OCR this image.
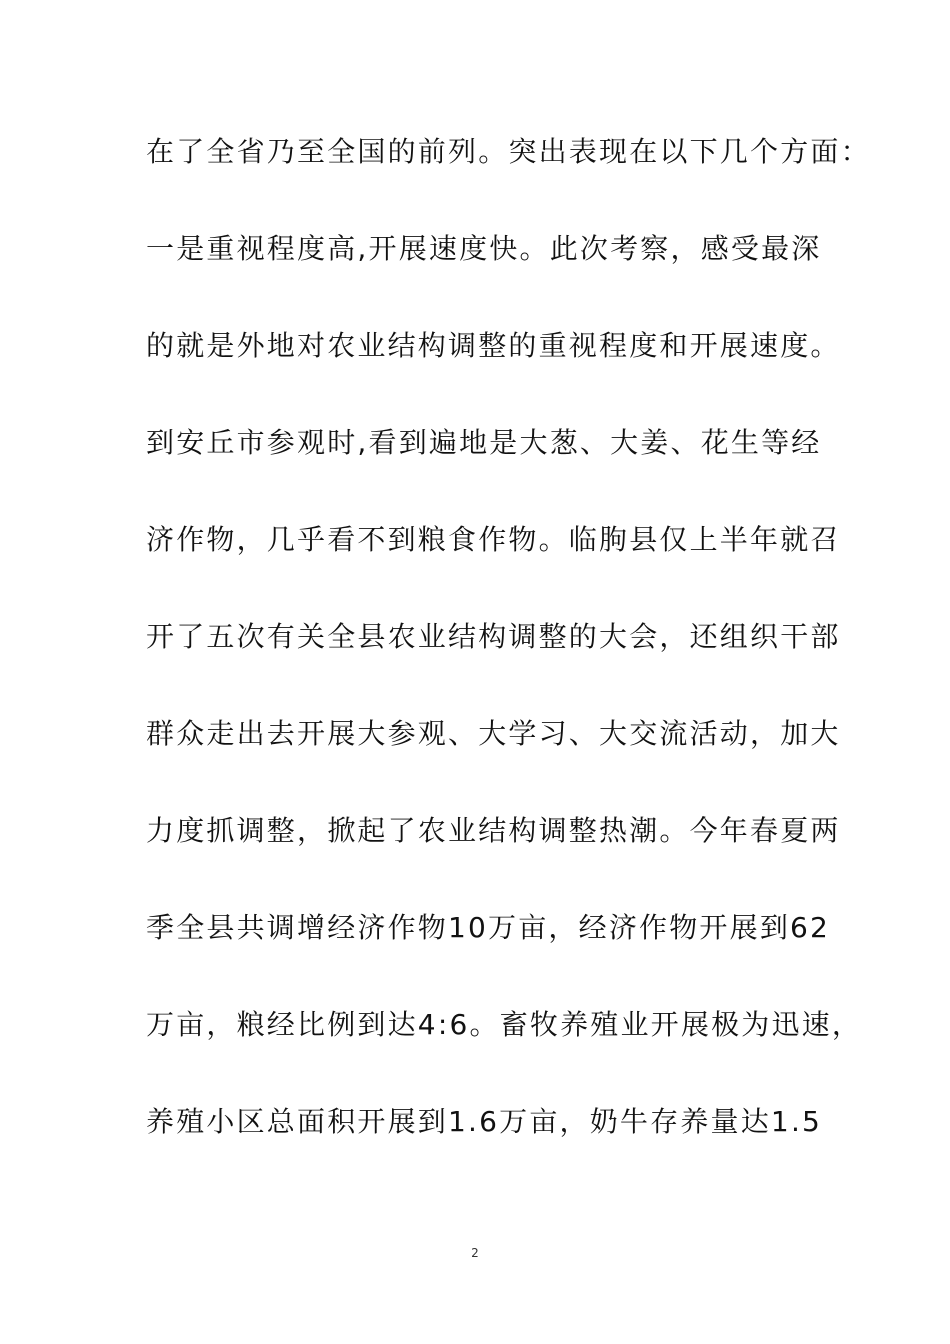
在了全省乃至全国的前列。突出表现在以下几个方面：
一是重视程度高,开展速度快。此次考察，感受最深
的就是外地对农业结构调整的重视程度和开展速度。
到安丘市参观时,看到遍地是大葱、大姜、花生等经
济作物，几乎看不到粮食作物。临朐县仅上半年就召
开了五次有关全县农业结构调整的大会，还组织干部
群众走出去开展大参观、大学习、大交流活动，加大
力度抓调整，掀起了农业结构调整热潮。今年春夏两
季全县共调增经济作物10万亩，经济作物开展到62
万亩，粮经比例到达4:6。畜牧养殖业开展极为迅速，
养殖小区总面积开展到1.6万亩，奶牛存养量达1.5
2
